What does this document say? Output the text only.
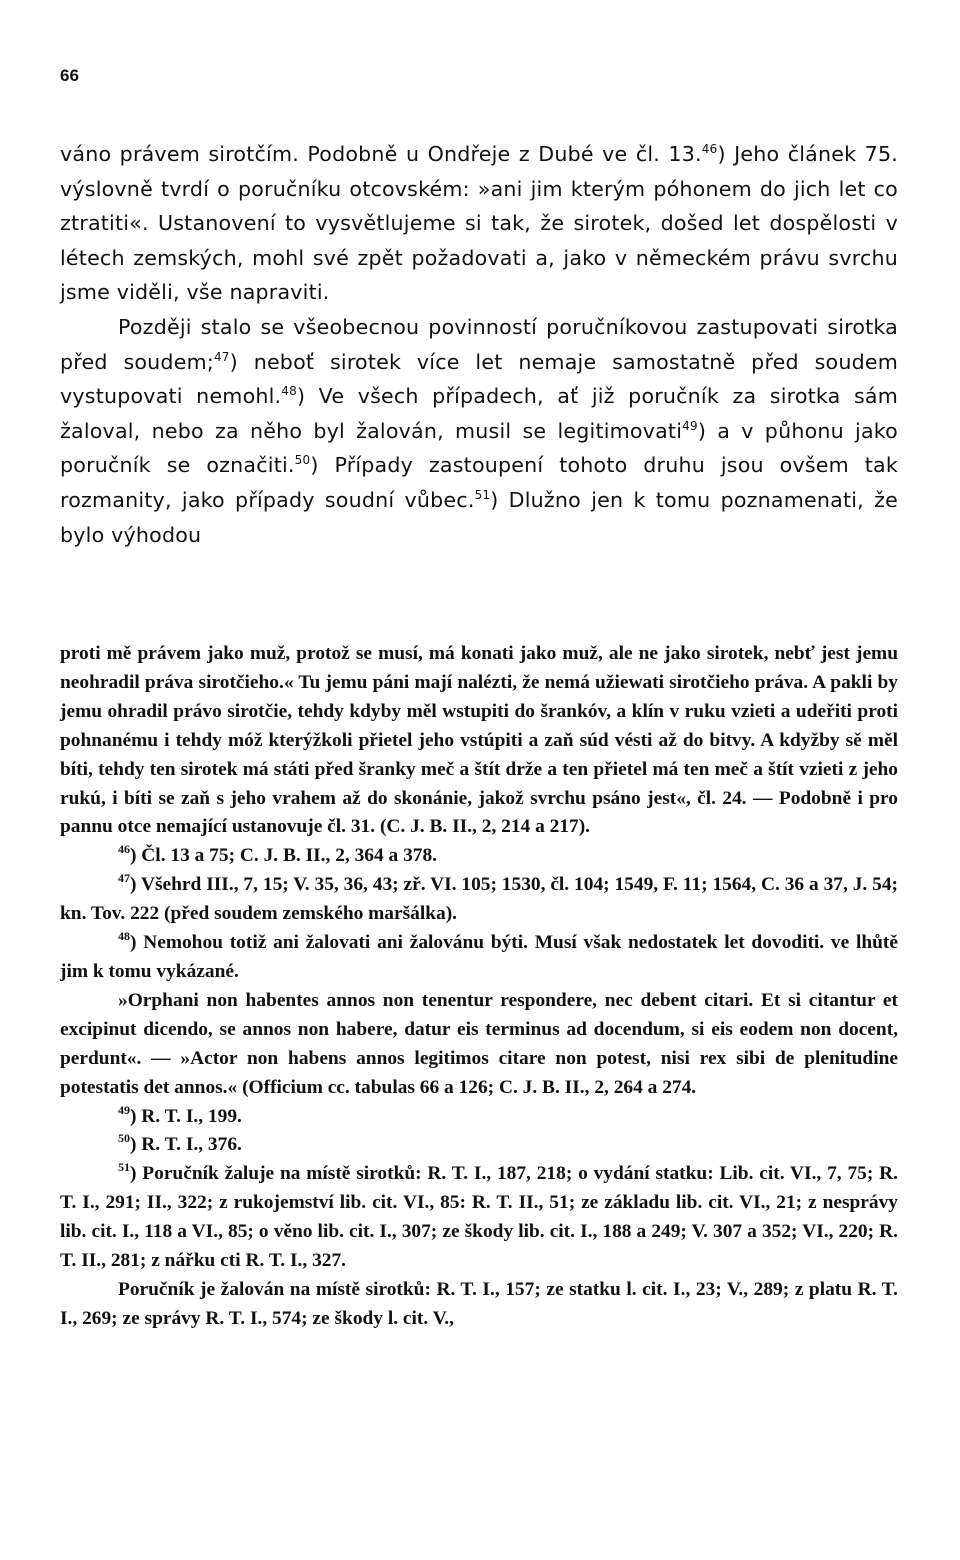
66

váno právem sirotčím. Podobně u Ondřeje z Dubé ve čl. 13.46) Jeho článek 75. výslovně tvrdí o poručníku otcovském: »ani jim kterým póhonem do jich let co ztratiti«. Ustanovení to vysvětlujeme si tak, že sirotek, došed let dospělosti v létech zemských, mohl své zpět požadovati a, jako v německém právu svrchu jsme viděli, vše napraviti.

Později stalo se všeobecnou povinností poručníkovou zastupovati sirotka před soudem;$^{47}$) neboť sirotek více let nemaje samostatně před soudem vystupovati nemohl.$^{48}$) Ve všech případech, ať již poručník za sirotka sám žaloval, nebo za něho byl žalován, musil se legitimovati$^{49}$) a v půhonu jako poručník se označiti.$^{50}$) Případy zastoupení tohoto druhu jsou ovšem tak rozmanity, jako případy soudní vůbec.$^{51}$) Dlužno jen k tomu poznamenati, že bylo výhodou

proti mě právem jako muž, protož se musí, má konati jako muž, ale ne jako sirotek, nebť jest jemu neohradil práva sirotčieho.« Tu jemu páni mají nalézti, že nemá užiewati sirotčieho práva. A pakli by jemu ohradil právo sirotčie, tehdy kdyby měl wstupiti do šrankóv, a klín v ruku vzieti a udeřiti proti pohnanému i tehdy móž kterýžkoli přietel jeho vstúpiti a zaň súd vésti až do bitvy. A kdyžby sě měl bíti, tehdy ten sirotek má státi před šranky meč a štít drže a ten přietel má ten meč a štít vzieti z jeho rukú, i bíti se zaň s jeho vrahem až do skonánie, jakož svrchu psáno jest«, čl. 24. — Podobně i pro pannu otce nemající ustanovuje čl. 31. (C. J. B. II., 2, 214 a 217).

$^{46}$) Čl. 13 a 75; C. J. B. II., 2, 364 a 378.

$^{47}$) Všehrd III., 7, 15; V. 35, 36, 43; zř. VI. 105; 1530, čl. 104; 1549, F. 11; 1564, C. 36 a 37, J. 54; kn. Tov. 222 (před soudem zemského maršálka).

$^{48}$) Nemohou totiž ani žalovati ani žalovánu býti. Musí však nedostatek let dovoditi. ve lhůtě jim k tomu vykázané.

»Orphani non habentes annos non tenentur respondere, nec debent citari. Et si citantur et excipinut dicendo, se annos non habere, datur eis terminus ad docendum, si eis eodem non docent, perdunt«. — »Actor non habens annos legitimos citare non potest, nisi rex sibi de plenitudine potestatis det annos.« (Officium cc. tabulas 66 a 126; C. J. B. II., 2, 264 a 274.

$^{49}$) R. T. I., 199.

$^{50}$) R. T. I., 376.

$^{51}$) Poručník žaluje na místě sirotků: R. T. I., 187, 218; o vydání statku: Lib. cit. VI., 7, 75; R. T. I., 291; II., 322; z rukojemství lib. cit. VI., 85: R. T. II., 51; ze základu lib. cit. VI., 21; z nesprávy lib. cit. I., 118 a VI., 85; o věno lib. cit. I., 307; ze škody lib. cit. I., 188 a 249; V. 307 a 352; VI., 220; R. T. II., 281; z nářku cti R. T. I., 327.

Poručník je žalován na místě sirotků: R. T. I., 157; ze statku l. cit. I., 23; V., 289; z platu R. T. I., 269; ze správy R. T. I., 574; ze škody l. cit. V.,
